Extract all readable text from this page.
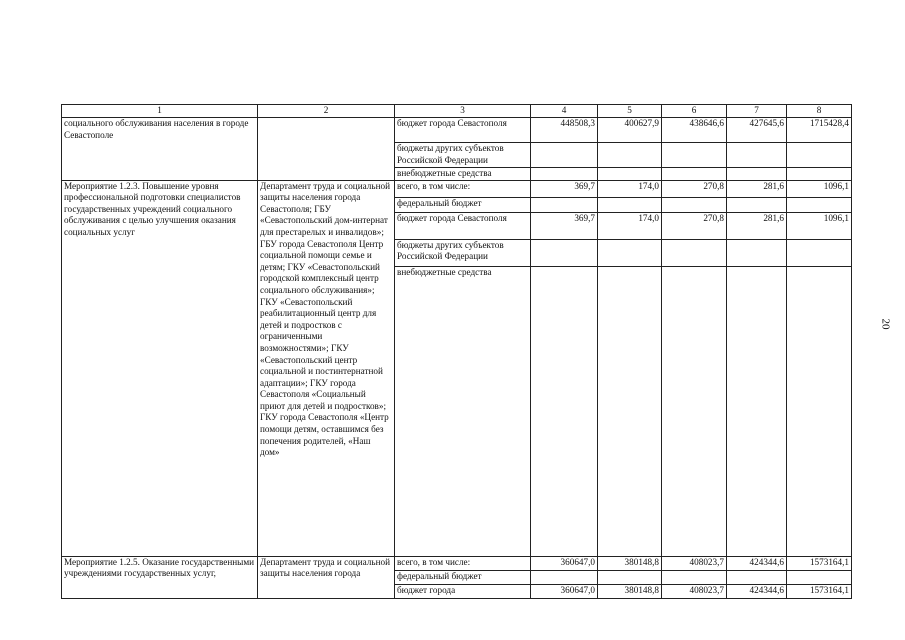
1	2	3	4	5	6	7	8
социального обслуживания населения в городе Севастополе		бюджет города Севастополя	448508,3	400627,9	438646,6	427645,6	1715428,4
		бюджеты других субъектов Российской Федерации					
		внебюджетные средства					
Мероприятие 1.2.3. Повышение уровня профессиональной подготовки специалистов государственных учреждений социального обслуживания с целью улучшения оказания социальных услуг	Департамент труда и социальной защиты населения города Севастополя; ГБУ «Севастопольский дом-интернат для престарелых и инвалидов»; ГБУ города Севастополя Центр социальной помощи семье и детям; ГКУ «Севастопольский городской комплексный центр социального обслуживания»; ГКУ «Севастопольский реабилитационный центр для детей и подростков с ограниченными возможностями»; ГКУ «Севастопольский центр социальной и постинтернатной адаптации»; ГКУ города Севастополя «Социальный приют для детей и подростков»; ГКУ города Севастополя «Центр помощи детям, оставшимся без попечения родителей, «Наш дом»	всего, в том числе:	369,7	174,0	270,8	281,6	1096,1
		федеральный бюджет					
		бюджет города Севастополя	369,7	174,0	270,8	281,6	1096,1
		бюджеты других субъектов Российской Федерации					
		внебюджетные средства					
Мероприятие 1.2.5. Оказание государственными учреждениями государственных услуг,	Департамент труда и социальной защиты населения города	всего, в том числе:	360647,0	380148,8	408023,7	424344,6	1573164,1
		федеральный бюджет					
		бюджет города	360647,0	380148,8	408023,7	424344,6	1573164,1
20
